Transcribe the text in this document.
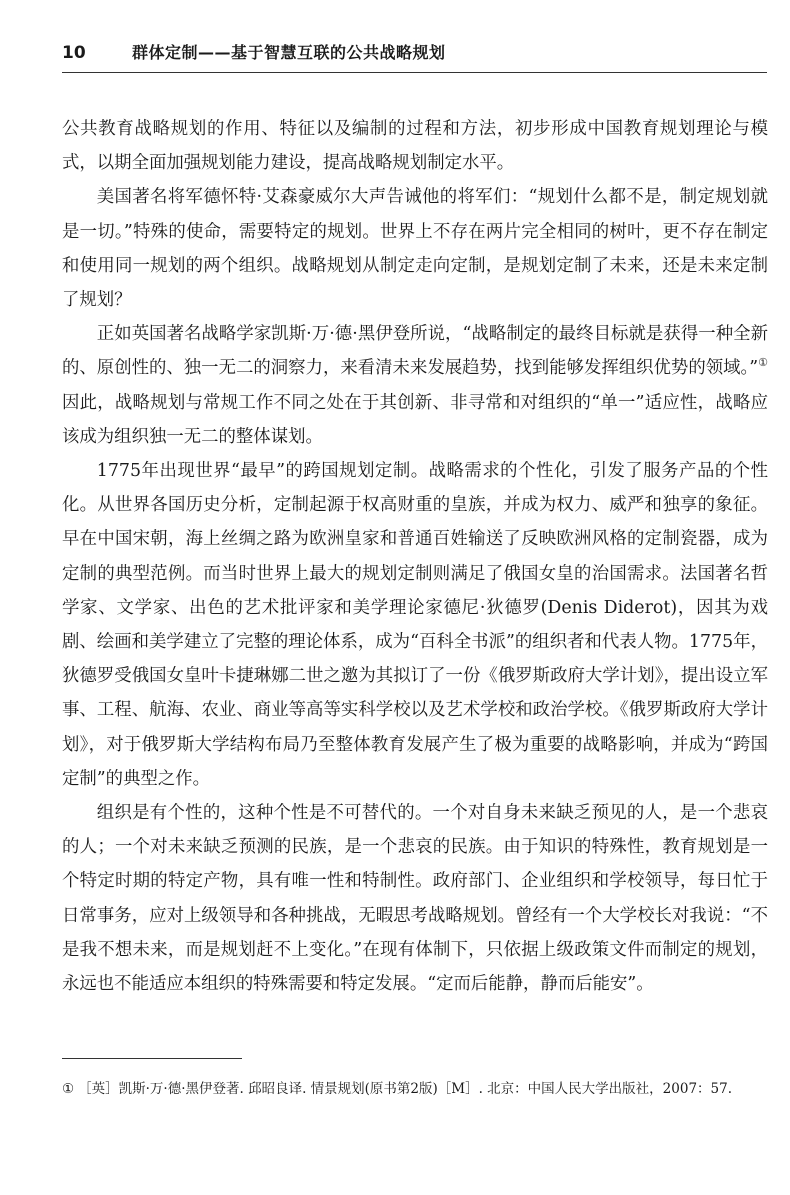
10	群体定制——基于智慧互联的公共战略规划

公共教育战略规划的作用、特征以及编制的过程和方法，初步形成中国教育规划理论与模式，以期全面加强规划能力建设，提高战略规划制定水平。

美国著名将军德怀特·艾森豪威尔大声告诫他的将军们：“规划什么都不是，制定规划就是一切。”特殊的使命，需要特定的规划。世界上不存在两片完全相同的树叶，更不存在制定和使用同一规划的两个组织。战略规划从制定走向定制，是规划定制了未来，还是未来定制了规划？

正如英国著名战略学家凯斯·万·德·黑伊登所说，“战略制定的最终目标就是获得一种全新的、原创性的、独一无二的洞察力，来看清未来发展趋势，找到能够发挥组织优势的领域。”①因此，战略规划与常规工作不同之处在于其创新、非寻常和对组织的“单一”适应性，战略应该成为组织独一无二的整体谋划。

1775年出现世界“最早”的跨国规划定制。战略需求的个性化，引发了服务产品的个性化。从世界各国历史分析，定制起源于权高财重的皇族，并成为权力、威严和独享的象征。早在中国宋朝，海上丝绸之路为欧洲皇家和普通百姓输送了反映欧洲风格的定制瓷器，成为定制的典型范例。而当时世界上最大的规划定制则满足了俄国女皇的治国需求。法国著名哲学家、文学家、出色的艺术批评家和美学理论家德尼·狄德罗(Denis Diderot)，因其为戏剧、绘画和美学建立了完整的理论体系，成为“百科全书派”的组织者和代表人物。1775年，狄德罗受俄国女皇叶卡捷琳娜二世之邀为其拟订了一份《俄罗斯政府大学计划》，提出设立军事、工程、航海、农业、商业等高等实科学校以及艺术学校和政治学校。《俄罗斯政府大学计划》，对于俄罗斯大学结构布局乃至整体教育发展产生了极为重要的战略影响，并成为“跨国定制”的典型之作。

组织是有个性的，这种个性是不可替代的。一个对自身未来缺乏预见的人，是一个悲哀的人；一个对未来缺乏预测的民族，是一个悲哀的民族。由于知识的特殊性，教育规划是一个特定时期的特定产物，具有唯一性和特制性。政府部门、企业组织和学校领导，每日忙于日常事务，应对上级领导和各种挑战，无暇思考战略规划。曾经有一个大学校长对我说：“不是我不想未来，而是规划赶不上变化。”在现有体制下，只依据上级政策文件而制定的规划，永远也不能适应本组织的特殊需要和特定发展。“定而后能静，静而后能安”。

① ［英］凯斯·万·德·黑伊登著. 邱昭良译. 情景规划(原书第2版)［M］. 北京：中国人民大学出版社，2007：57.
